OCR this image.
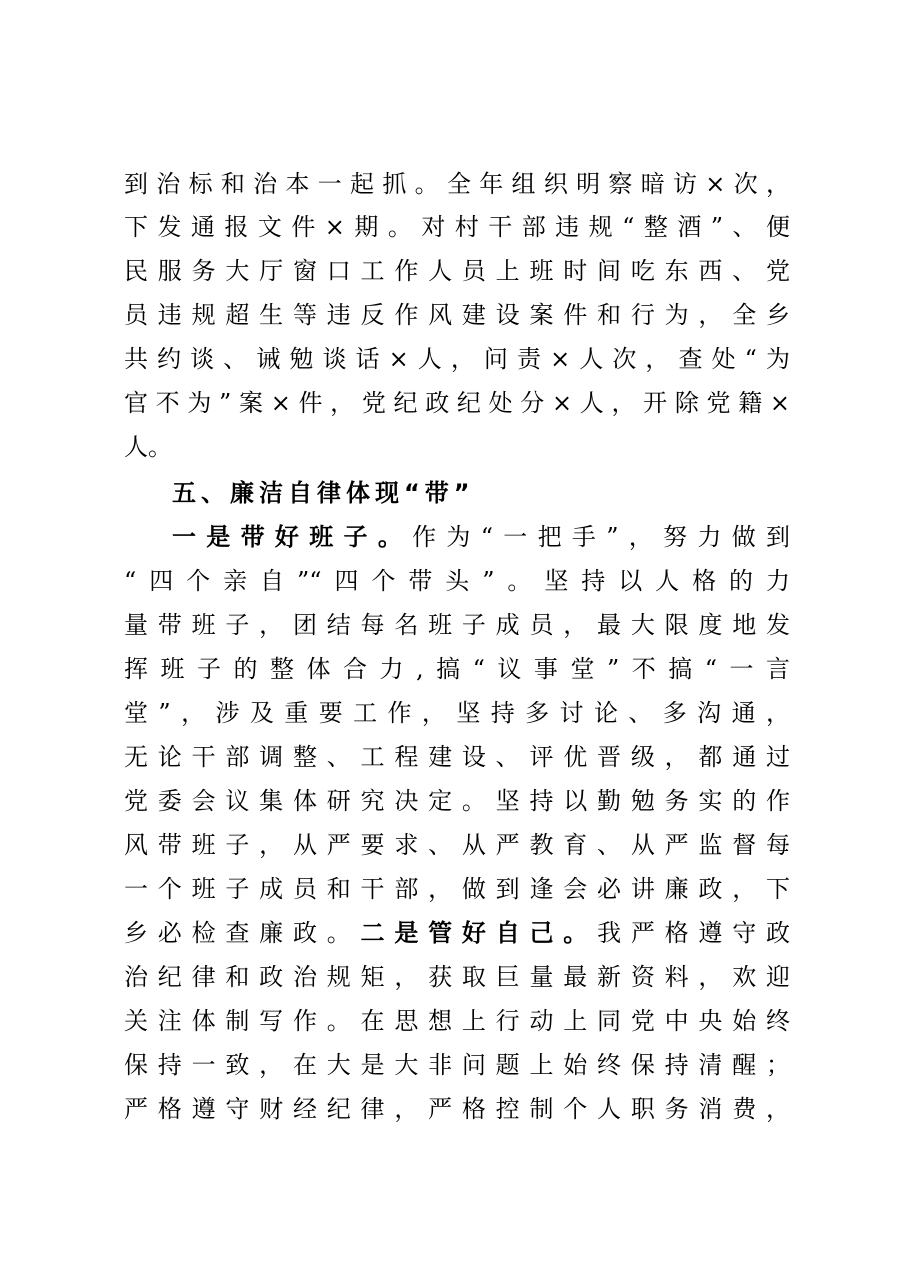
到治标和治本一起抓。全年组织明察暗访×次，
下发通报文件×期。对村干部违规“整酒”、便
民服务大厅窗口工作人员上班时间吃东西、党
员违规超生等违反作风建设案件和行为，全乡
共约谈、诫勉谈话×人，问责×人次，查处“为
官不为”案×件，党纪政纪处分×人，开除党籍×
人。
五、廉洁自律体现“带”
一是带好班子。作为“一把手”，努力做到
“四个亲自”“四个带头”。坚持以人格的力
量带班子，团结每名班子成员，最大限度地发
挥班子的整体合力,搞“议事堂”不搞“一言
堂”，涉及重要工作，坚持多讨论、多沟通，
无论干部调整、工程建设、评优晋级，都通过
党委会议集体研究决定。坚持以勤勉务实的作
风带班子，从严要求、从严教育、从严监督每
一个班子成员和干部，做到逢会必讲廉政，下
乡必检查廉政。二是管好自己。我严格遵守政
治纪律和政治规矩，获取巨量最新资料，欢迎
关注体制写作。在思想上行动上同党中央始终
保持一致，在大是大非问题上始终保持清醒；
严格遵守财经纪律，严格控制个人职务消费，
